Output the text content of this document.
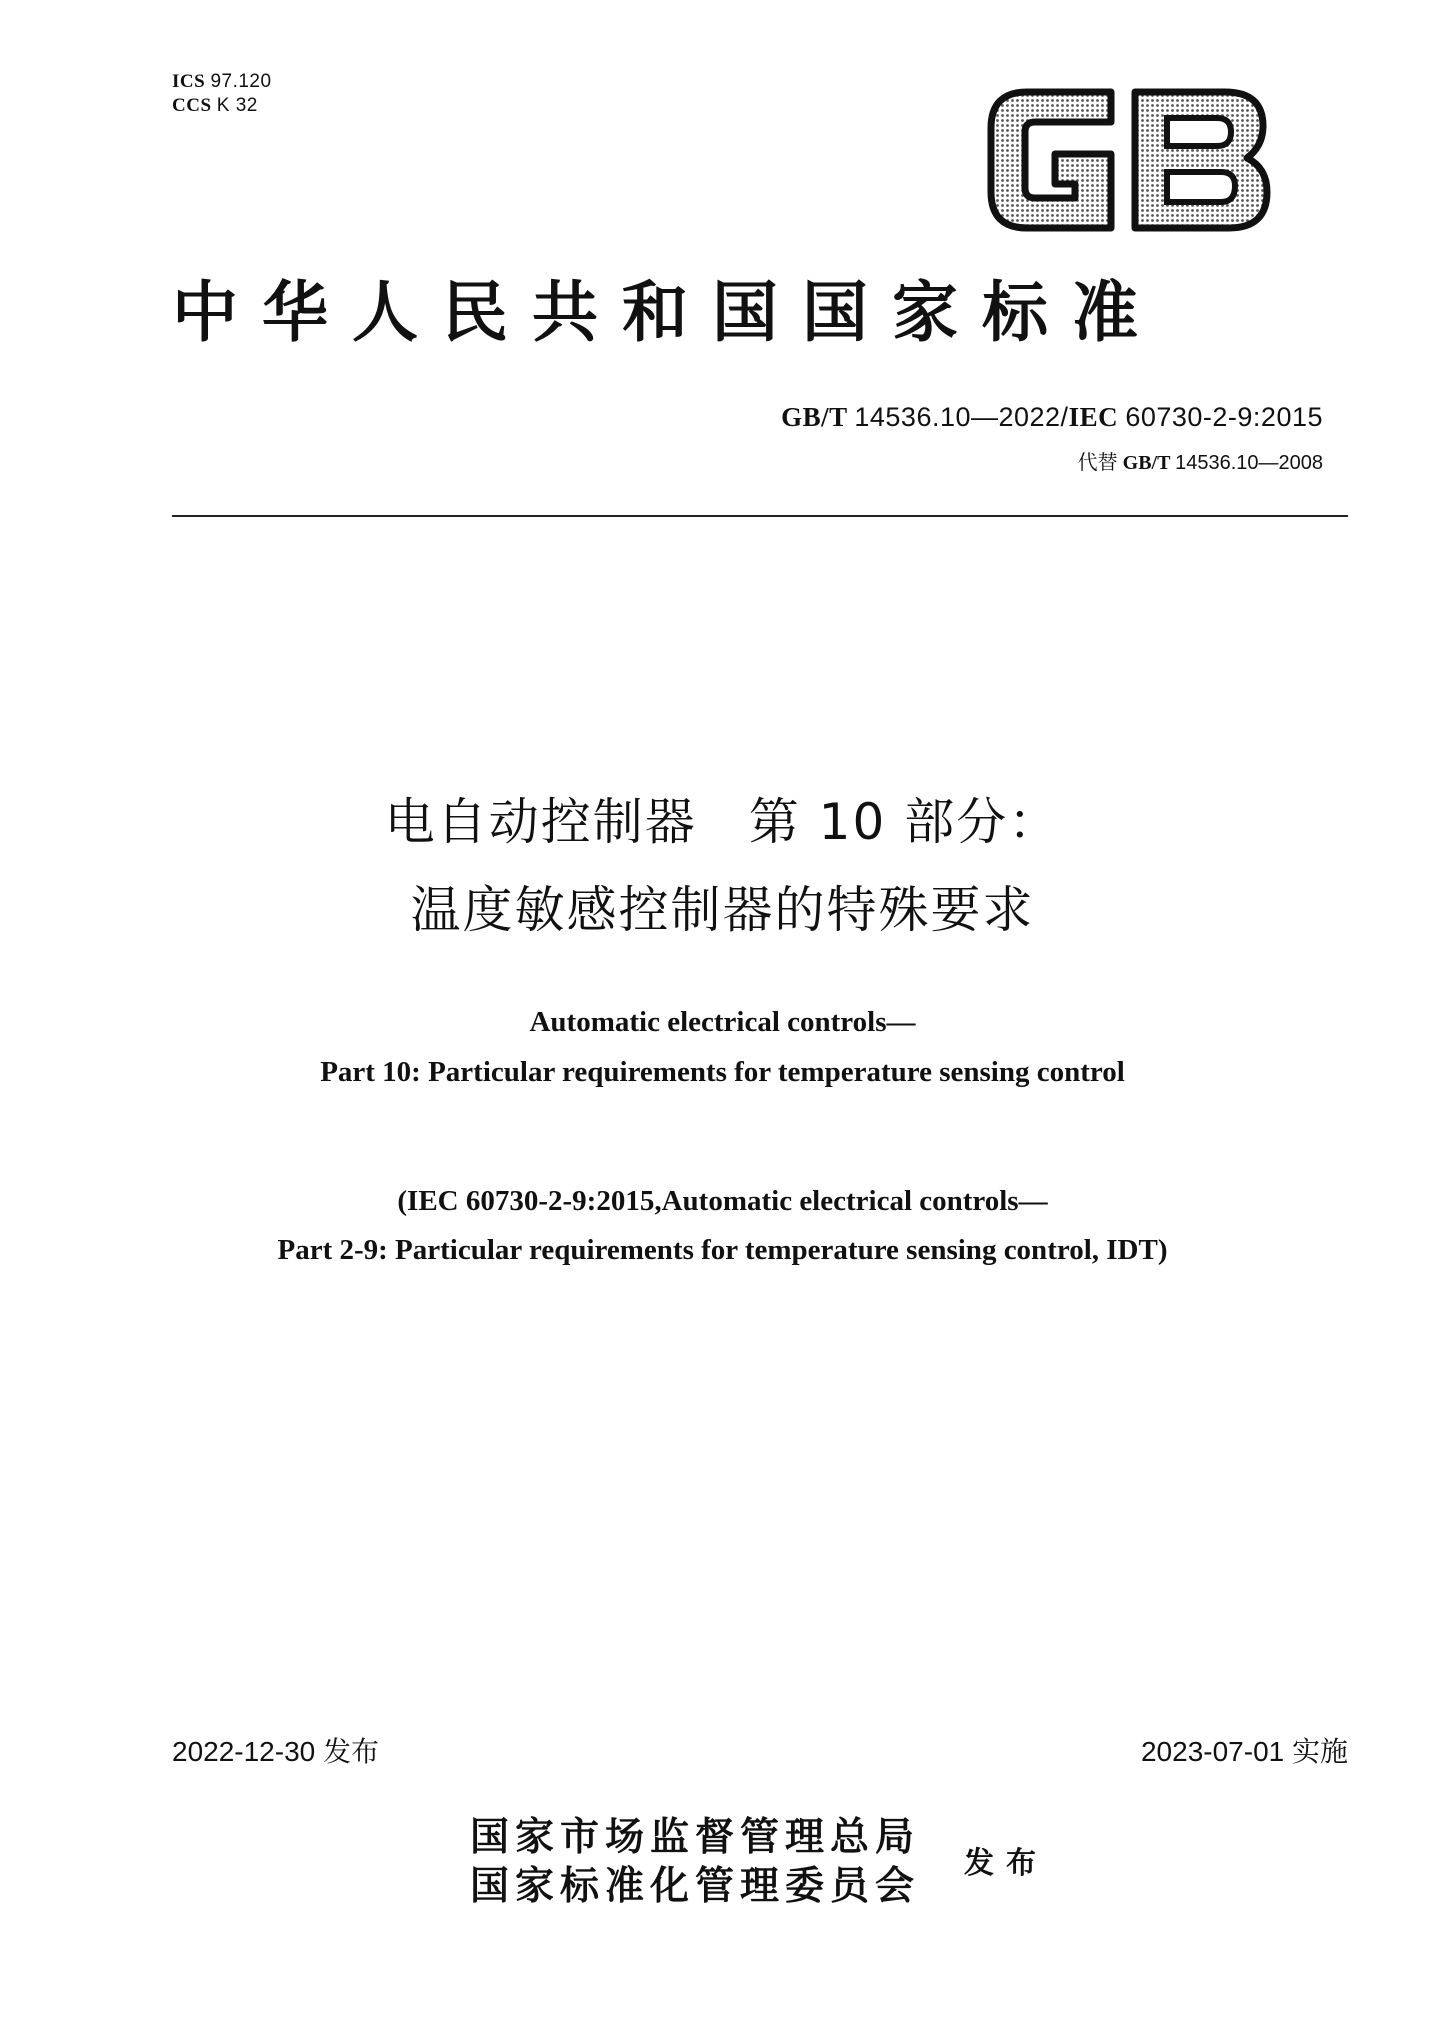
ICS 97.120
CCS K 32
中华人民共和国国家标准
GB/T 14536.10—2022/IEC 60730-2-9:2015
代替 GB/T 14536.10—2008
电自动控制器　第 10 部分：
温度敏感控制器的特殊要求
Automatic electrical controls—
Part 10: Particular requirements for temperature sensing control
(IEC 60730-2-9:2015,Automatic electrical controls—
Part 2-9: Particular requirements for temperature sensing control, IDT)
2022-12-30 发布	2023-07-01 实施
国家市场监督管理总局
国家标准化管理委员会 发布
